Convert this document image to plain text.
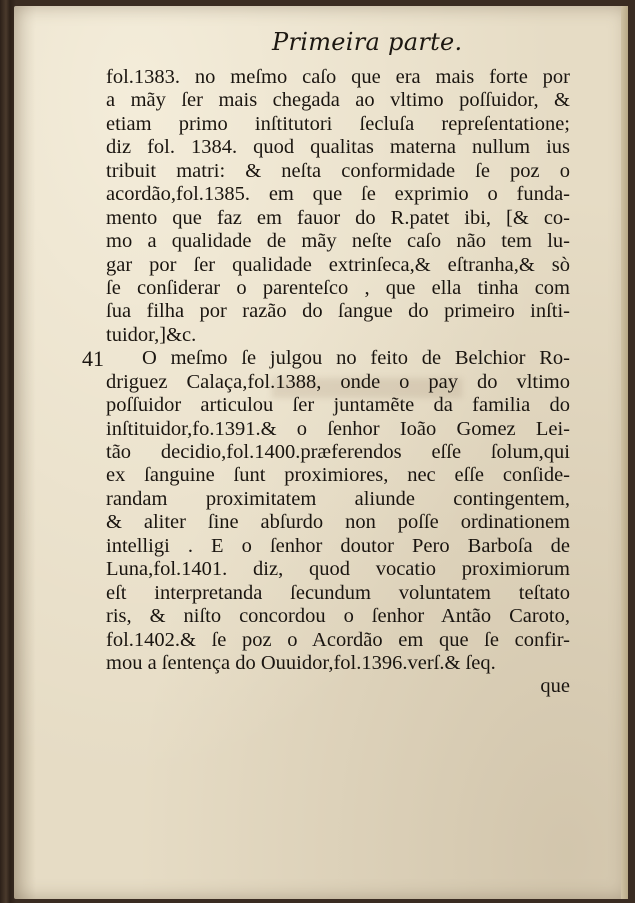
Primeira parte.
fol.1383. no meſmo caſo que era mais forte por
a mãy ſer mais chegada ao vltimo poſſuidor, &
etiam primo inſtitutori ſecluſa repreſentatione;
diz fol. 1384. quod qualitas materna nullum ius
tribuit matri: & neſta conformidade ſe poz o
acordão,fol.1385. em que ſe exprimio o funda-
mento que faz em fauor do R.patet ibi, [& co-
mo a qualidade de mãy neſte caſo não tem lu-
gar por ſer qualidade extrinſeca,& eſtranha,& sò
ſe conſiderar o parenteſco , que ella tinha com
ſua filha por razão do ſangue do primeiro inſti-
tuidor,]&c.
41 O meſmo ſe julgou no feito de Belchior Ro-
driguez Calaça,fol.1388, onde o pay do vltimo
poſſuidor articulou ſer juntamẽte da familia do
inſtituidor,fo.1391.& o ſenhor Ioão Gomez Lei-
tão decidio,fol.1400.præferendos eſſe ſolum,qui
ex ſanguine ſunt proximiores, nec eſſe conſide-
randam proximitatem aliunde contingentem,
& aliter ſine abſurdo non poſſe ordinationem
intelligi . E o ſenhor doutor Pero Barboſa de
Luna,fol.1401. diz, quod vocatio proximiorum
eſt interpretanda ſecundum voluntatem teſtato
ris, & niſto concordou o ſenhor Antão Caroto,
fol.1402.& ſe poz o Acordão em que ſe confir-
mou a ſentença do Ouuidor,fol.1396.verſ.& ſeq.
que
